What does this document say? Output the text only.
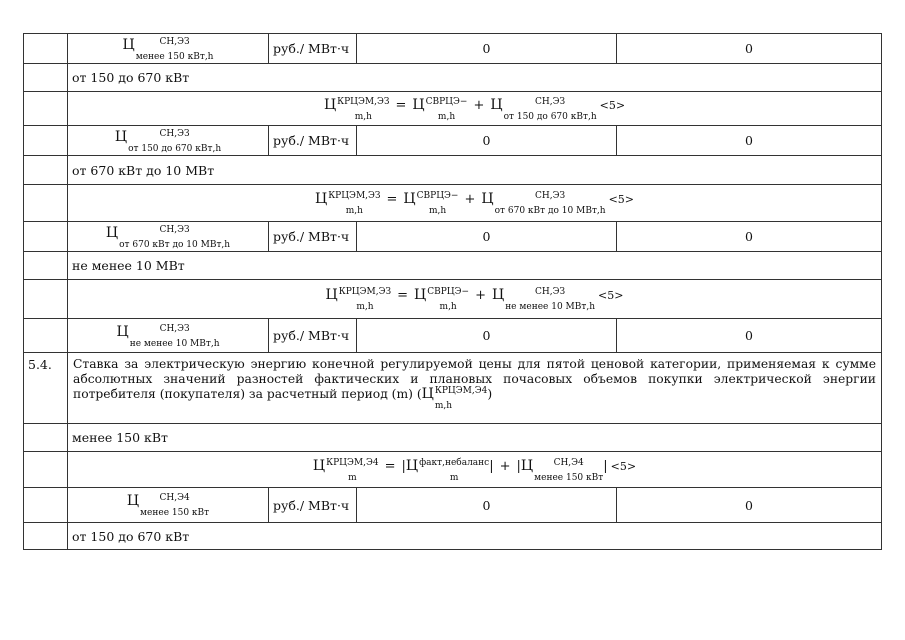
Ц	СН,ЭЗ
менее 150 кВт,h
руб./ МВт·ч	0	0
от 150 до 670 кВт
Ц КРЦЭМ,ЭЗ
m,h
= Ц СВРЦЭ−
m,h
+ Ц	СН,ЭЗ
от 150 до 670 кВт,h
<5>
Ц	СН,ЭЗ
от 150 до 670 кВт,h
руб./ МВт·ч	0	0
от 670 кВт до 10 МВт
Ц КРЦЭМ,ЭЗ
m,h
= Ц СВРЦЭ−
m,h
+ Ц	СН,ЭЗ
от 670 кВт до 10 МВт,h
<5>
Ц	СН,ЭЗ
от 670 кВт до 10 МВт,h
руб./ МВт·ч	0	0
не менее 10 МВт
Ц КРЦЭМ,ЭЗ
m,h
= Ц СВРЦЭ−
m,h
+ Ц	СН,ЭЗ
не менее 10 МВт,h
<5>
Ц	СН,ЭЗ
не менее 10 МВт,h
руб./ МВт·ч	0	0
5.4.	Ставка за электрическую энергию конечной регулируемой цены для пятой ценовой категории, применяемая к сумме абсолютных значений разностей фактических и плановых почасовых объемов покупки электрической энергии потребителя (покупателя) за расчетный период (m) ( Ц КРЦЭМ,Э4
m,h
)
менее 150 кВт
Ц КРЦЭМ,Э4
m
= | Ц факт,небаланс
m
| + | Ц	СН,Э4
менее 150 кВт
| <5>
Ц	СН,Э4
менее 150 кВт
руб./ МВт·ч	0	0
от 150 до 670 кВт
